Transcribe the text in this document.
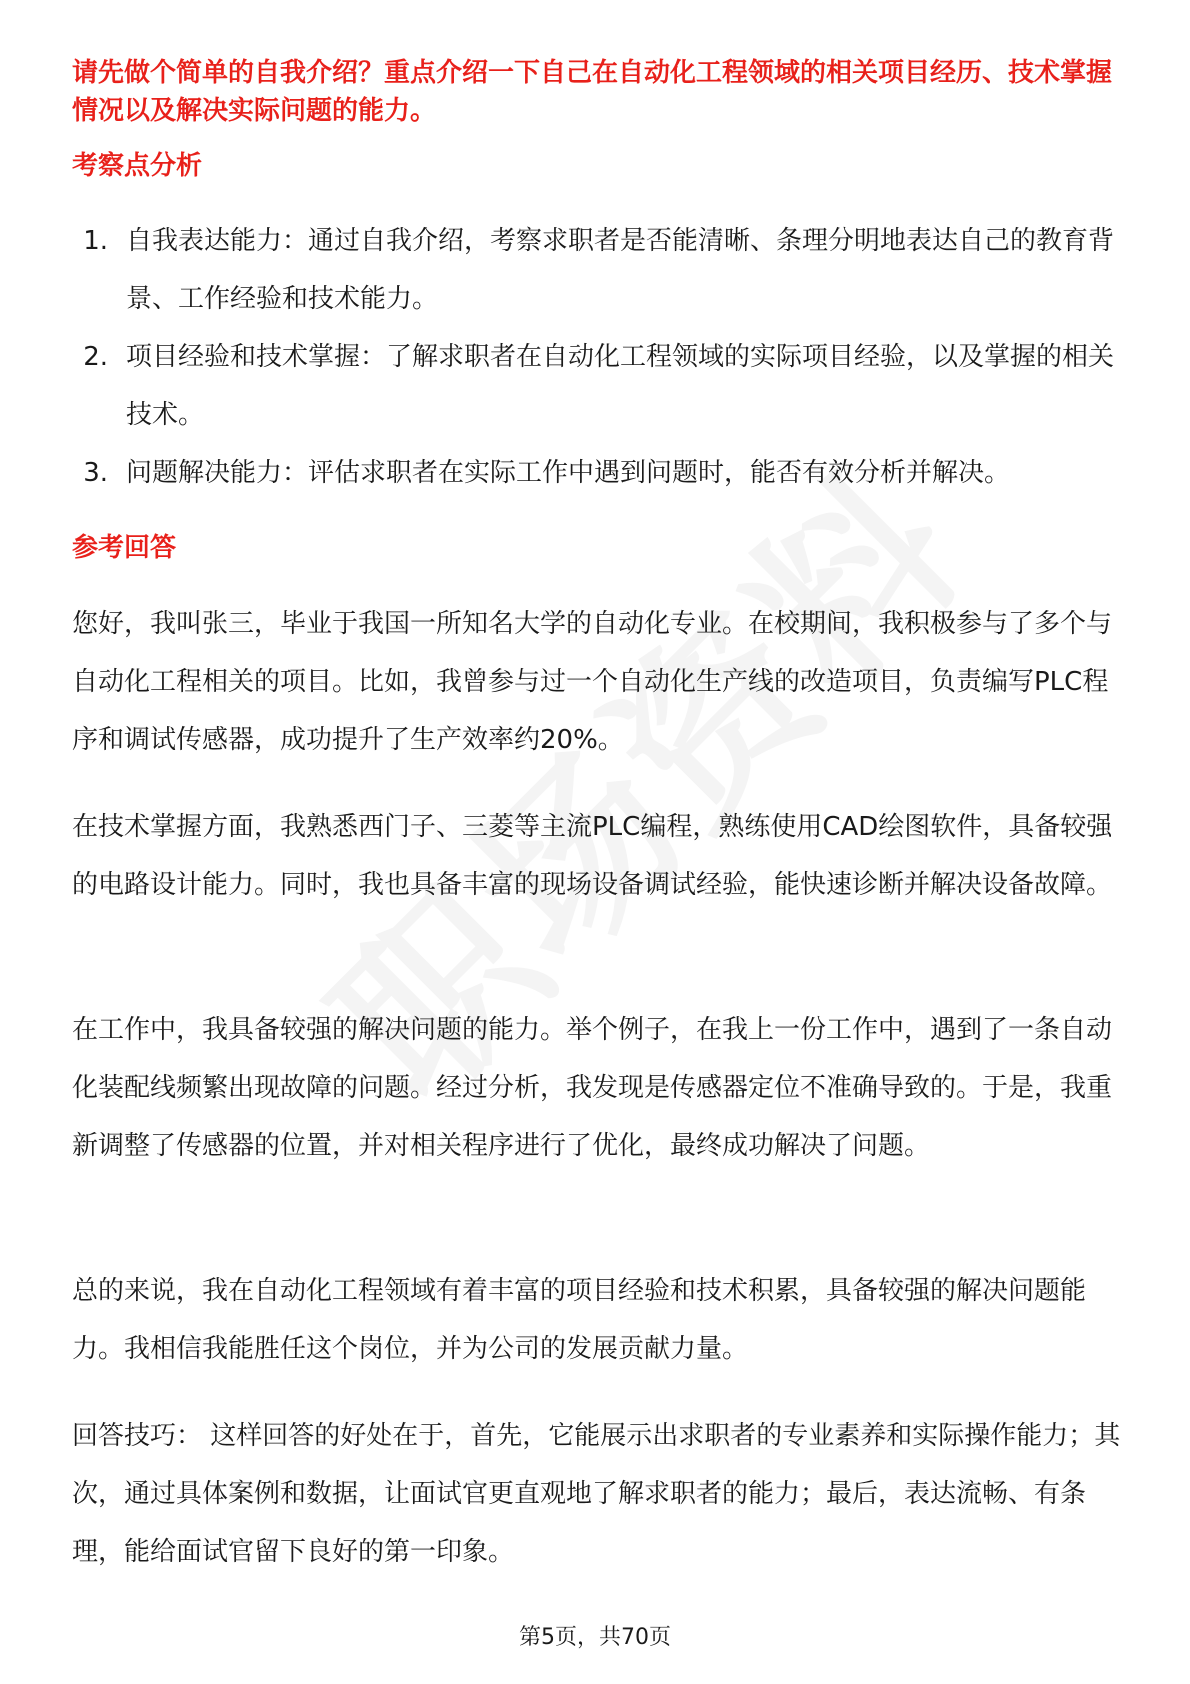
请先做个简单的自我介绍？重点介绍一下自己在自动化工程领域的相关项目经历、技术掌握情况以及解决实际问题的能力。

考察点分析

1. 自我表达能力：通过自我介绍，考察求职者是否能清晰、条理分明地表达自己的教育背景、工作经验和技术能力。
2. 项目经验和技术掌握：了解求职者在自动化工程领域的实际项目经验，以及掌握的相关技术。
3. 问题解决能力：评估求职者在实际工作中遇到问题时，能否有效分析并解决。

参考回答

您好，我叫张三，毕业于我国一所知名大学的自动化专业。在校期间，我积极参与了多个与自动化工程相关的项目。比如，我曾参与过一个自动化生产线的改造项目，负责编写PLC程序和调试传感器，成功提升了生产效率约20%。

在技术掌握方面，我熟悉西门子、三菱等主流PLC编程，熟练使用CAD绘图软件，具备较强的电路设计能力。同时，我也具备丰富的现场设备调试经验，能快速诊断并解决设备故障。

在工作中，我具备较强的解决问题的能力。举个例子，在我上一份工作中，遇到了一条自动化装配线频繁出现故障的问题。经过分析，我发现是传感器定位不准确导致的。于是，我重新调整了传感器的位置，并对相关程序进行了优化，最终成功解决了问题。

总的来说，我在自动化工程领域有着丰富的项目经验和技术积累，具备较强的解决问题能力。我相信我能胜任这个岗位，并为公司的发展贡献力量。

回答技巧： 这样回答的好处在于，首先，它能展示出求职者的专业素养和实际操作能力；其次，通过具体案例和数据，让面试官更直观地了解求职者的能力；最后，表达流畅、有条理，能给面试官留下良好的第一印象。

第5页，共70页
